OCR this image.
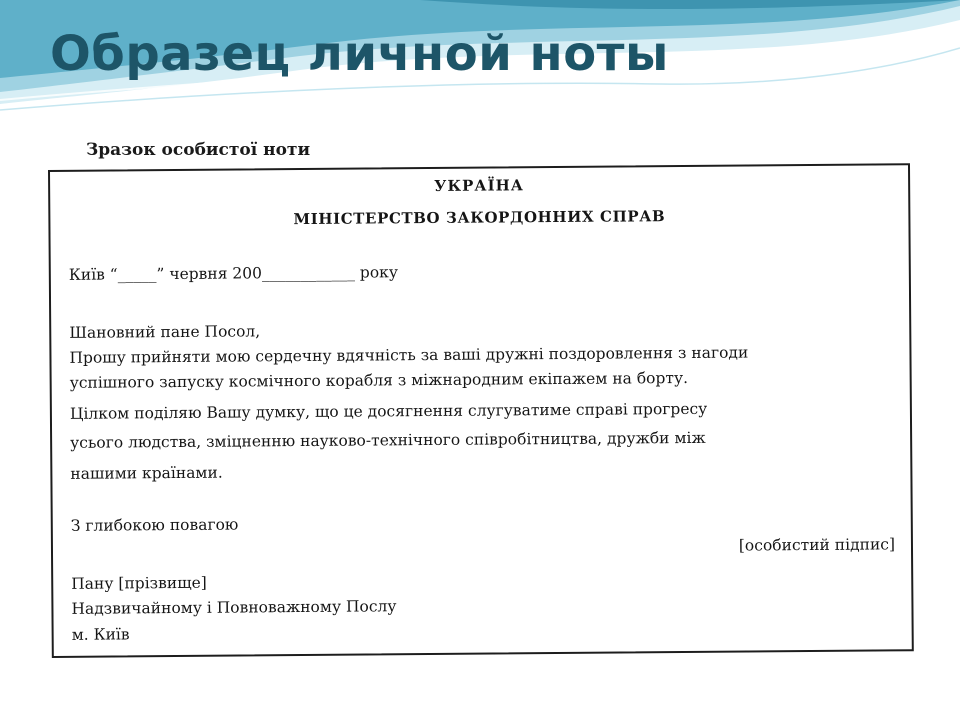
Образец личной ноты
Зразок особистої ноти
УКРАЇНА
МІНІСТЕРСТВО ЗАКОРДОННИХ СПРАВ
Київ “_____” червня 200____________ року
Шановний пане Посол,
Прошу прийняти мою сердечну вдячність за ваші дружні поздоровлення з нагоди
успішного запуску космічного корабля з міжнародним екіпажем на борту.
Цілком поділяю Вашу думку, що це досягнення слугуватиме справі прогресу
усього людства, зміцненню науково-технічного співробітництва, дружби між
нашими країнами.
З глибокою повагою
[особистий підпис]
Пану [прізвище]
Надзвичайному і Повноважному Послу
м. Київ
